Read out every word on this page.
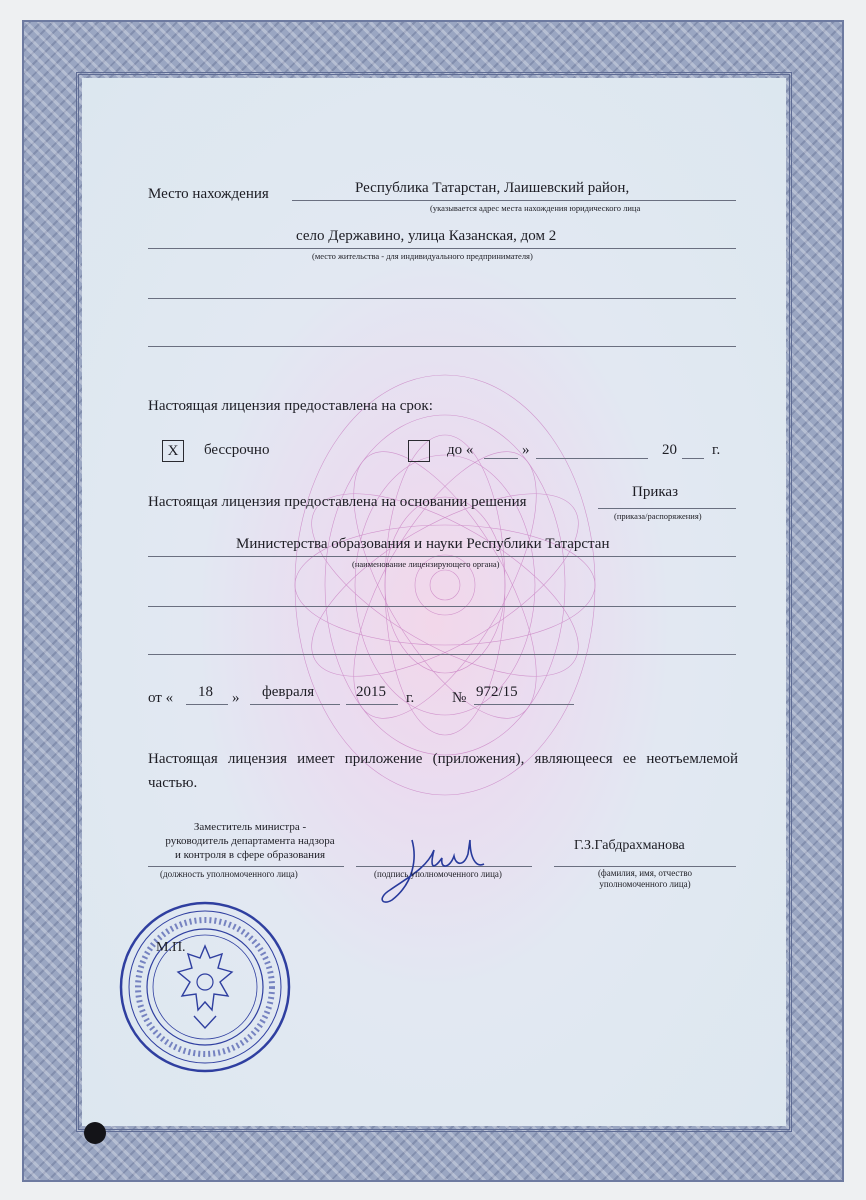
Место нахождения	Республика Татарстан, Лаишевский район,
(указывается адрес места нахождения юридического лица
село Державино, улица Казанская, дом 2
(место жительства - для индивидуального предпринимателя)
Настоящая лицензия предоставлена на срок:
X	бессрочно	до «	»	20 г.
Настоящая лицензия предоставлена на основании решения
Приказ
(приказа/распоряжения)
Министерства образования и науки Республики Татарстан
(наименование лицензирующего органа)
от « 18 » февраля	2015 г.	№ 972/15
Настоящая лицензия имеет приложение (приложения), являющееся ее неотъемлемой частью.
Заместитель министра -
руководитель департамента надзора
и контроля в сфере образования
(должность уполномоченного лица)	(подпись уполномоченного лица)
Г.З.Габдрахманова
(фамилия, имя, отчество
уполномоченного лица)
М.П.
